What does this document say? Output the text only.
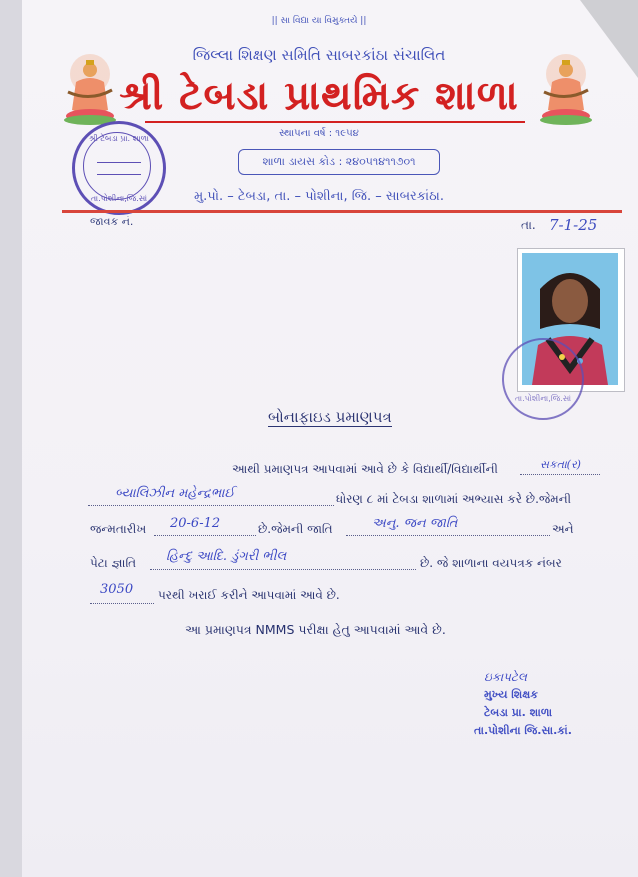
|| સા વિદ્યા યા વિમુક્તયે ||
જિલ્લા શિક્ષણ સમિતિ સાબરકાંઠા સંચાલિત
શ્રી ટેબડા પ્રાથમિક શાળા
સ્થાપના વર્ષ : ૧૯૫૪
શાળા ડાયસ કોડ : ૨૪૦૫૧૪૧૧૭૦૧
શ્રી ટેબડા પ્રા. શાળા
તા.પોશીના,જિ.સાં	મુ.પો. – ટેબડા, તા. – પોશીના, જિ. – સાબરકાંઠા.
જાવક નં.	તા. 7-1-25
તા.પોશીના,જિ.સાં
બોનાફાઇડ પ્રમાણપત્ર
આથી પ્રમાણપત્ર આપવામાં આવે છે કે વિદ્યાર્થી/વિદ્યાર્થીની	સકતા(ર)
બ્યાલિઝીન મહેન્દ્રભાઈ	ધોરણ ૮ માં ટેબડા શાળામાં અભ્યાસ કરે છે.જેમની
જન્મતારીખ 20-6-12	છે.જેમની જાતિ	અનુ. જન જાતિ	અને
પેટા જ્ઞાતિ હિન્દુ આદિ. ડુંગરી ભીલ	છે. જે શાળાના વયપત્રક નંબર
3050 પરથી ખરાઈ કરીને આપવામાં આવે છે.
આ પ્રમાણપત્ર NMMS પરીક્ષા હેતુ આપવામાં આવે છે.
ઇકાપટેલ
મુખ્ય શિક્ષક
ટેબડા પ્રા. શાળા
તા.પોશીના જિ.સા.કાં.
